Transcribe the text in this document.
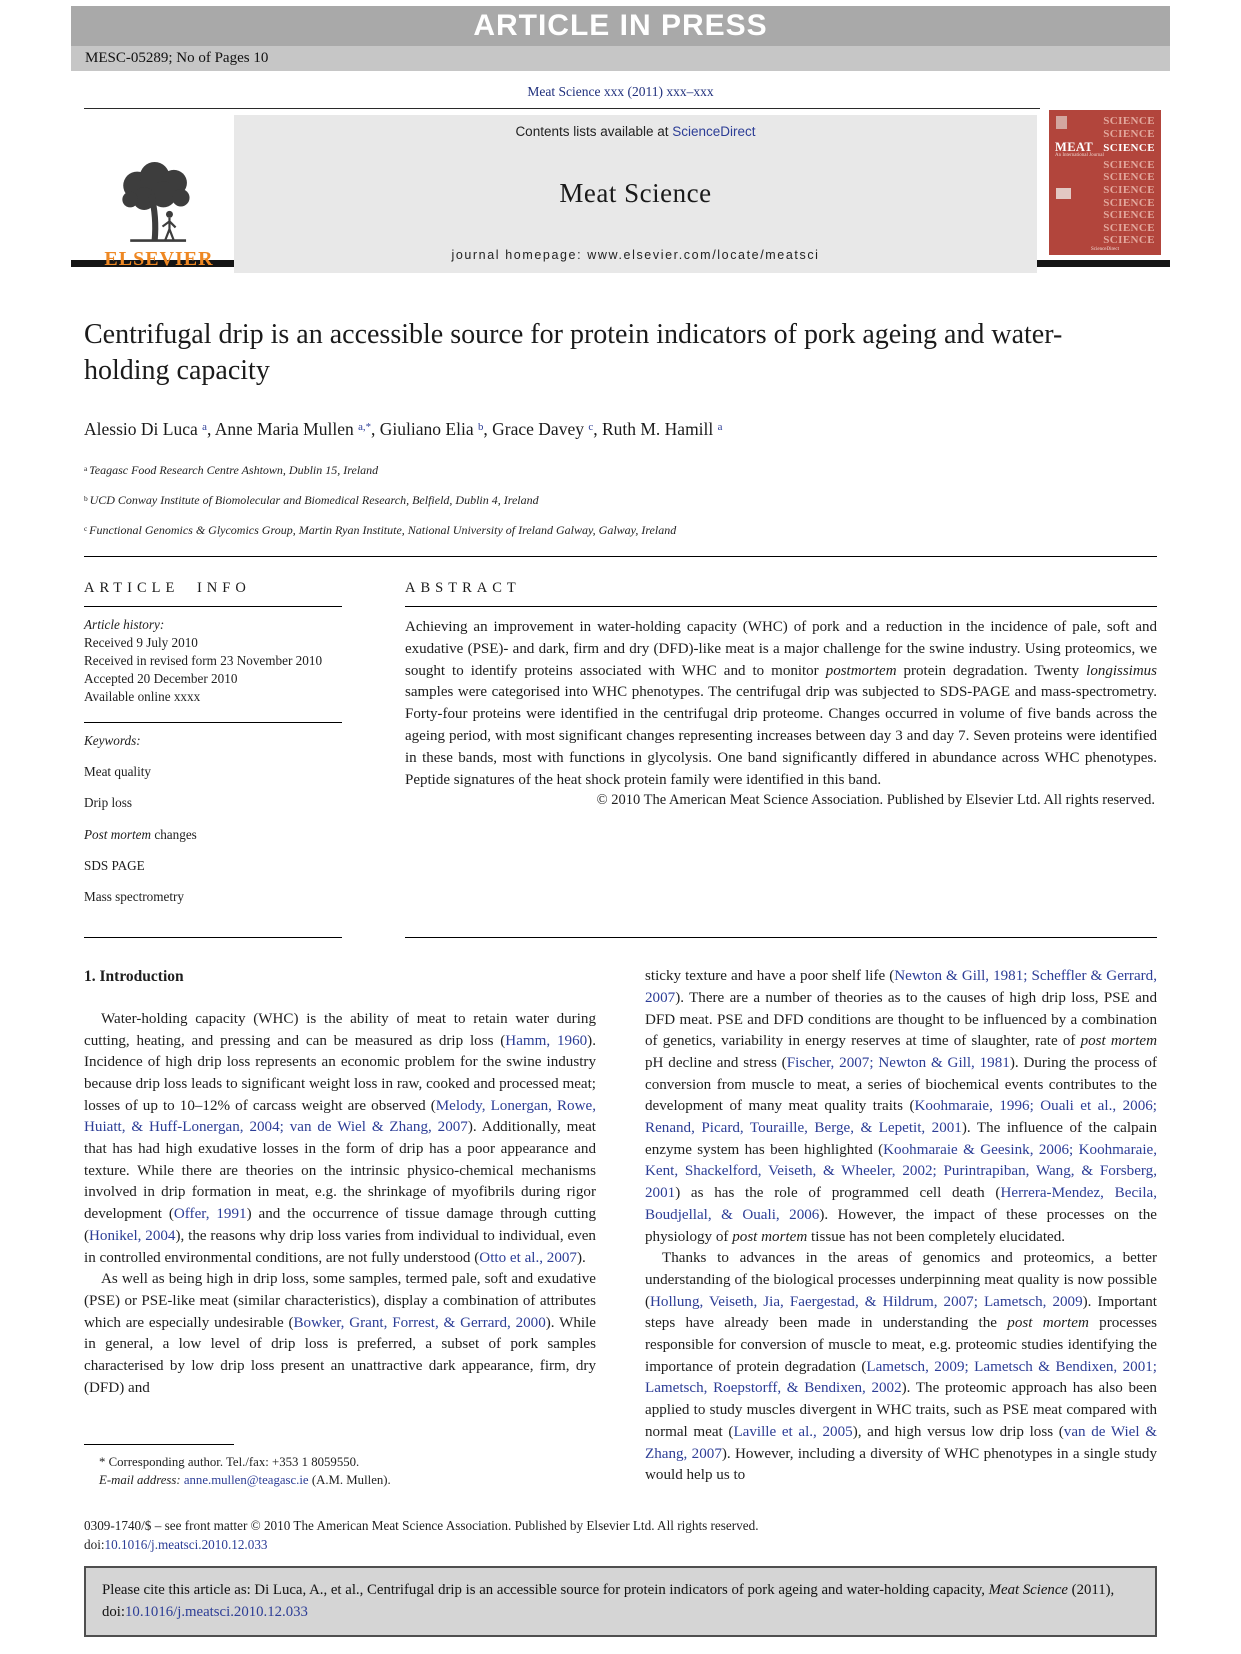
ARTICLE IN PRESS
MESC-05289; No of Pages 10
Meat Science xxx (2011) xxx–xxx
ELSEVIER
Contents lists available at ScienceDirect
Meat Science
journal homepage: www.elsevier.com/locate/meatsci
SCIENCE
SCIENCE
MEAT SCIENCE
An International Journal
SCIENCE
SCIENCE
SCIENCE
SCIENCE
SCIENCE
SCIENCE
SCIENCE
ScienceDirect
Centrifugal drip is an accessible source for protein indicators of pork ageing and water-holding capacity
Alessio Di Luca $^a$, Anne Maria Mullen $^{a,*}$, Giuliano Elia $^b$, Grace Davey $^c$, Ruth M. Hamill $^a$

$^a$ Teagasc Food Research Centre Ashtown, Dublin 15, Ireland

$^b$ UCD Conway Institute of Biomolecular and Biomedical Research, Belfield, Dublin 4, Ireland

$^c$ Functional Genomics & Glycomics Group, Martin Ryan Institute, National University of Ireland Galway, Galway, Ireland

ARTICLE INFO
Article history:
Received 9 July 2010
Received in revised form 23 November 2010
Accepted 20 December 2010
Available online xxxx
Keywords:

Meat quality

Drip loss

Post mortem changes

SDS PAGE

Mass spectrometry

ABSTRACT
Achieving an improvement in water-holding capacity (WHC) of pork and a reduction in the incidence of pale, soft and exudative (PSE)- and dark, firm and dry (DFD)-like meat is a major challenge for the swine industry. Using proteomics, we sought to identify proteins associated with WHC and to monitor postmortem protein degradation. Twenty longissimus samples were categorised into WHC phenotypes. The centrifugal drip was subjected to SDS-PAGE and mass-spectrometry. Forty-four proteins were identified in the centrifugal drip proteome. Changes occurred in volume of five bands across the ageing period, with most significant changes representing increases between day 3 and day 7. Seven proteins were identified in these bands, most with functions in glycolysis. One band significantly differed in abundance across WHC phenotypes. Peptide signatures of the heat shock protein family were identified in this band.
© 2010 The American Meat Science Association. Published by Elsevier Ltd. All rights reserved.
1. Introduction

Water-holding capacity (WHC) is the ability of meat to retain water during cutting, heating, and pressing and can be measured as drip loss (Hamm, 1960). Incidence of high drip loss represents an economic problem for the swine industry because drip loss leads to significant weight loss in raw, cooked and processed meat; losses of up to 10–12% of carcass weight are observed (Melody, Lonergan, Rowe, Huiatt, & Huff-Lonergan, 2004; van de Wiel & Zhang, 2007). Additionally, meat that has had high exudative losses in the form of drip has a poor appearance and texture. While there are theories on the intrinsic physico-chemical mechanisms involved in drip formation in meat, e.g. the shrinkage of myofibrils during rigor development (Offer, 1991) and the occurrence of tissue damage through cutting (Honikel, 2004), the reasons why drip loss varies from individual to individual, even in controlled environmental conditions, are not fully understood (Otto et al., 2007).

As well as being high in drip loss, some samples, termed pale, soft and exudative (PSE) or PSE-like meat (similar characteristics), display a combination of attributes which are especially undesirable (Bowker, Grant, Forrest, & Gerrard, 2000). While in general, a low level of drip loss is preferred, a subset of pork samples characterised by low drip loss present an unattractive dark appearance, firm, dry (DFD) and

sticky texture and have a poor shelf life (Newton & Gill, 1981; Scheffler & Gerrard, 2007). There are a number of theories as to the causes of high drip loss, PSE and DFD meat. PSE and DFD conditions are thought to be influenced by a combination of genetics, variability in energy reserves at time of slaughter, rate of post mortem pH decline and stress (Fischer, 2007; Newton & Gill, 1981). During the process of conversion from muscle to meat, a series of biochemical events contributes to the development of many meat quality traits (Koohmaraie, 1996; Ouali et al., 2006; Renand, Picard, Touraille, Berge, & Lepetit, 2001). The influence of the calpain enzyme system has been highlighted (Koohmaraie & Geesink, 2006; Koohmaraie, Kent, Shackelford, Veiseth, & Wheeler, 2002; Purintrapiban, Wang, & Forsberg, 2001) as has the role of programmed cell death (Herrera-Mendez, Becila, Boudjellal, & Ouali, 2006). However, the impact of these processes on the physiology of post mortem tissue has not been completely elucidated.

Thanks to advances in the areas of genomics and proteomics, a better understanding of the biological processes underpinning meat quality is now possible (Hollung, Veiseth, Jia, Faergestad, & Hildrum, 2007; Lametsch, 2009). Important steps have already been made in understanding the post mortem processes responsible for conversion of muscle to meat, e.g. proteomic studies identifying the importance of protein degradation (Lametsch, 2009; Lametsch & Bendixen, 2001; Lametsch, Roepstorff, & Bendixen, 2002). The proteomic approach has also been applied to study muscles divergent in WHC traits, such as PSE meat compared with normal meat (Laville et al., 2005), and high versus low drip loss (van de Wiel & Zhang, 2007). However, including a diversity of WHC phenotypes in a single study would help us to

* Corresponding author. Tel./fax: +353 1 8059550.
E-mail address: anne.mullen@teagasc.ie (A.M. Mullen).
0309-1740/$ – see front matter © 2010 The American Meat Science Association. Published by Elsevier Ltd. All rights reserved.
doi:10.1016/j.meatsci.2010.12.033
Please cite this article as: Di Luca, A., et al., Centrifugal drip is an accessible source for protein indicators of pork ageing and water-holding capacity, Meat Science (2011), doi:10.1016/j.meatsci.2010.12.033
